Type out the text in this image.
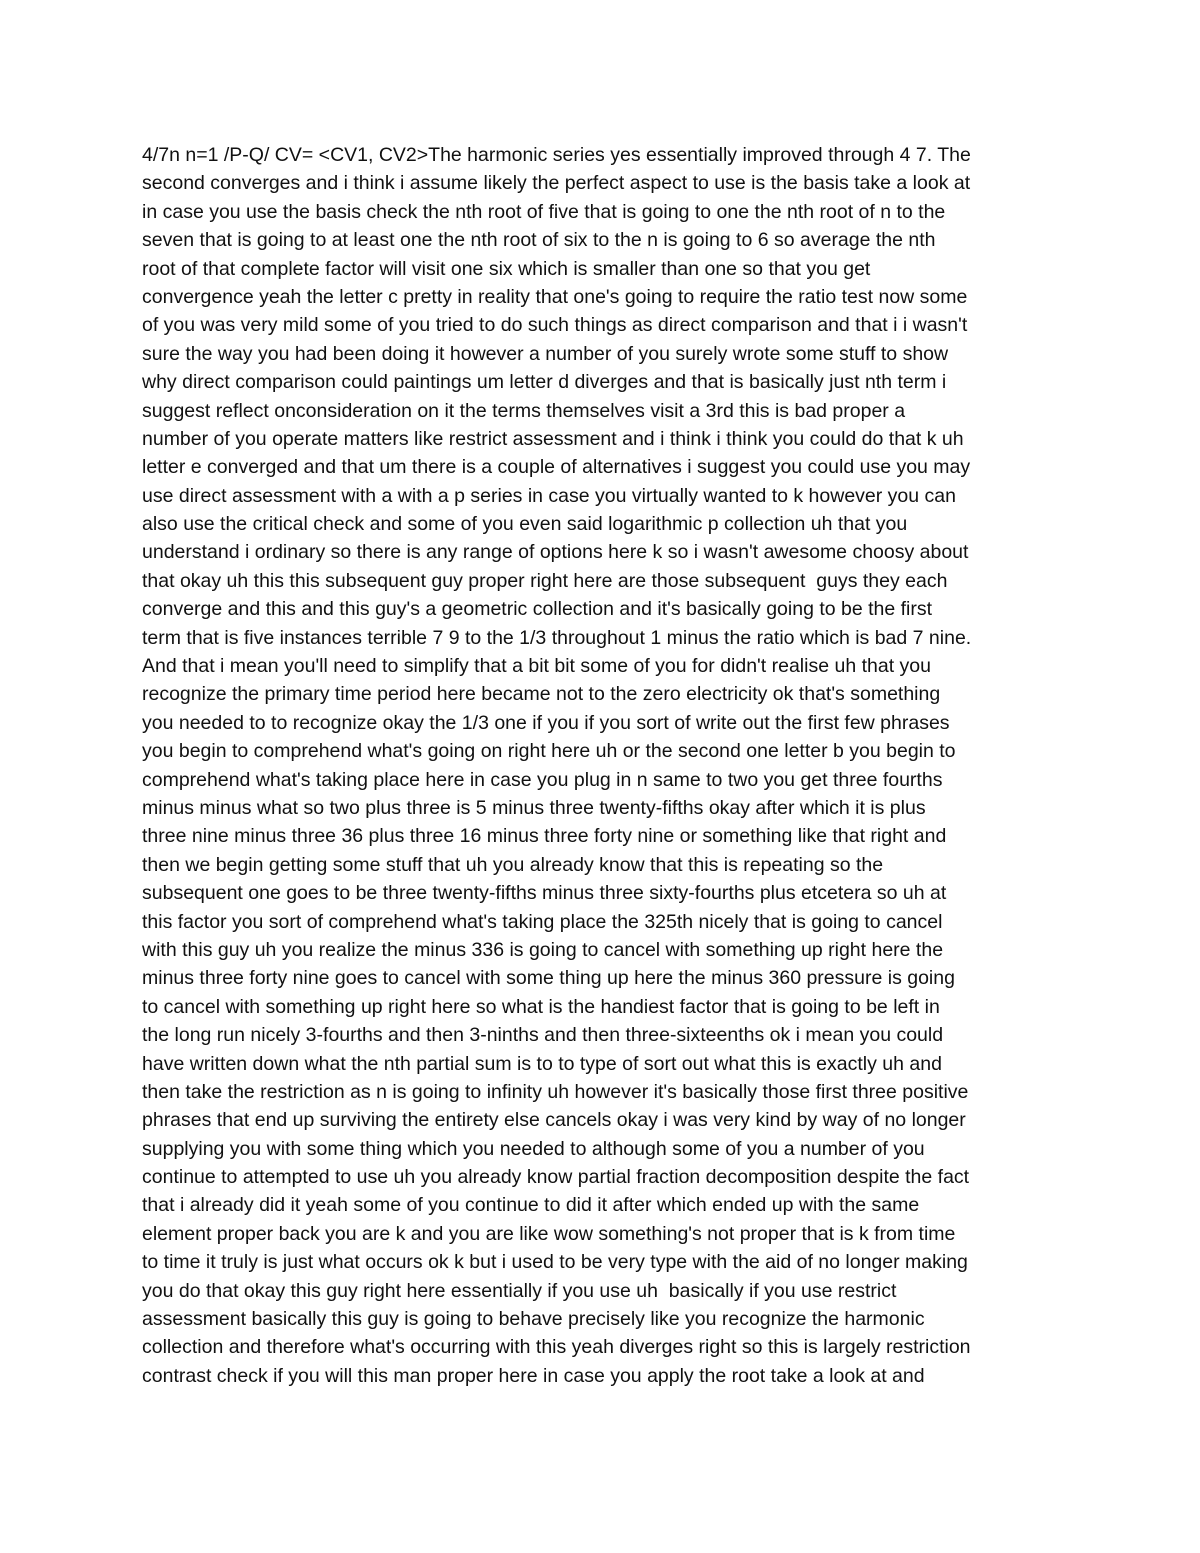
4/7n n=1 /P-Q/ CV= <CV1, CV2>The harmonic series yes essentially improved through 4 7. The
second converges and i think i assume likely the perfect aspect to use is the basis take a look at
in case you use the basis check the nth root of five that is going to one the nth root of n to the
seven that is going to at least one the nth root of six to the n is going to 6 so average the nth
root of that complete factor will visit one six which is smaller than one so that you get
convergence yeah the letter c pretty in reality that one's going to require the ratio test now some
of you was very mild some of you tried to do such things as direct comparison and that i i wasn't
sure the way you had been doing it however a number of you surely wrote some stuff to show
why direct comparison could paintings um letter d diverges and that is basically just nth term i
suggest reflect onconsideration on it the terms themselves visit a 3rd this is bad proper a
number of you operate matters like restrict assessment and i think i think you could do that k uh
letter e converged and that um there is a couple of alternatives i suggest you could use you may
use direct assessment with a with a p series in case you virtually wanted to k however you can
also use the critical check and some of you even said logarithmic p collection uh that you
understand i ordinary so there is any range of options here k so i wasn't awesome choosy about
that okay uh this this subsequent guy proper right here are those subsequent  guys they each
converge and this and this guy's a geometric collection and it's basically going to be the first
term that is five instances terrible 7 9 to the 1/3 throughout 1 minus the ratio which is bad 7 nine.
And that i mean you'll need to simplify that a bit bit some of you for didn't realise uh that you
recognize the primary time period here became not to the zero electricity ok that's something
you needed to to recognize okay the 1/3 one if you if you sort of write out the first few phrases
you begin to comprehend what's going on right here uh or the second one letter b you begin to
comprehend what's taking place here in case you plug in n same to two you get three fourths
minus minus what so two plus three is 5 minus three twenty-fifths okay after which it is plus
three nine minus three 36 plus three 16 minus three forty nine or something like that right and
then we begin getting some stuff that uh you already know that this is repeating so the
subsequent one goes to be three twenty-fifths minus three sixty-fourths plus etcetera so uh at
this factor you sort of comprehend what's taking place the 325th nicely that is going to cancel
with this guy uh you realize the minus 336 is going to cancel with something up right here the
minus three forty nine goes to cancel with some thing up here the minus 360 pressure is going
to cancel with something up right here so what is the handiest factor that is going to be left in
the long run nicely 3-fourths and then 3-ninths and then three-sixteenths ok i mean you could
have written down what the nth partial sum is to to type of sort out what this is exactly uh and
then take the restriction as n is going to infinity uh however it's basically those first three positive
phrases that end up surviving the entirety else cancels okay i was very kind by way of no longer
supplying you with some thing which you needed to although some of you a number of you
continue to attempted to use uh you already know partial fraction decomposition despite the fact
that i already did it yeah some of you continue to did it after which ended up with the same
element proper back you are k and you are like wow something's not proper that is k from time
to time it truly is just what occurs ok k but i used to be very type with the aid of no longer making
you do that okay this guy right here essentially if you use uh  basically if you use restrict
assessment basically this guy is going to behave precisely like you recognize the harmonic
collection and therefore what's occurring with this yeah diverges right so this is largely restriction
contrast check if you will this man proper here in case you apply the root take a look at and
